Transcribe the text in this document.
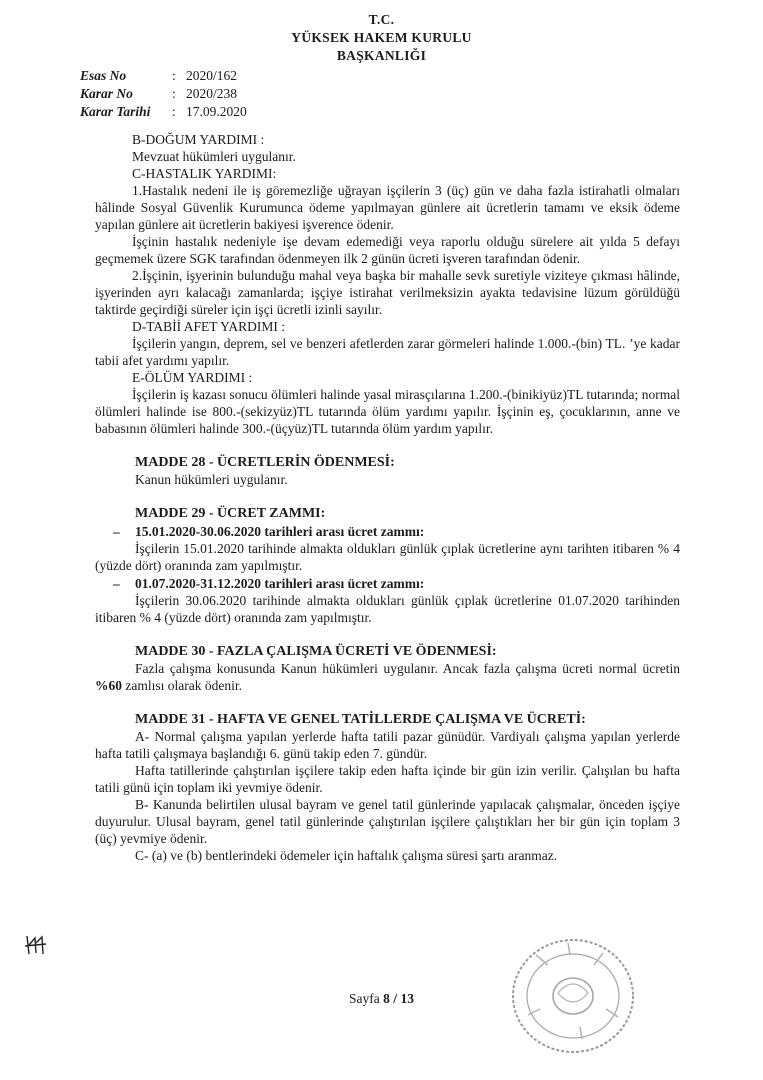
T.C.
YÜKSEK HAKEM KURULU
BAŞKANLIĞI
Esas No	: 2020/162
Karar No	: 2020/238
Karar Tarihi	: 17.09.2020

B-DOĞUM YARDIMI :

Mevzuat hükümleri uygulanır.

C-HASTALIK YARDIMI:

1.Hastalık nedeni ile iş göremezliğe uğrayan işçilerin 3 (üç) gün ve daha fazla istirahatli olmaları hâlinde Sosyal Güvenlik Kurumunca ödeme yapılmayan günlere ait ücretlerin tamamı ve eksik ödeme yapılan günlere ait ücretlerin bakiyesi işverence ödenir.

İşçinin hastalık nedeniyle işe devam edemediği veya raporlu olduğu sürelere ait yılda 5 defayı geçmemek üzere SGK tarafından ödenmeyen ilk 2 günün ücreti işveren tarafından ödenir.

2.İşçinin, işyerinin bulunduğu mahal veya başka bir mahalle sevk suretiyle viziteye çıkması hâlinde, işyerinden ayrı kalacağı zamanlarda; işçiye istirahat verilmeksizin ayakta tedavisine lüzum görüldüğü taktirde geçirdiği süreler için işçi ücretli izinli sayılır.

D-TABİİ AFET YARDIMI :

İşçilerin yangın, deprem, sel ve benzeri afetlerden zarar görmeleri halinde 1.000.-(bin) TL. ’ye kadar tabii afet yardımı yapılır.

E-ÖLÜM YARDIMI :

İşçilerin iş kazası sonucu ölümleri halinde yasal mirasçılarına 1.200.-(binikiyüz)TL tutarında; normal ölümleri halinde ise 800.-(sekizyüz)TL tutarında ölüm yardımı yapılır. İşçinin eş, çocuklarının, anne ve babasının ölümleri halinde 300.-(üçyüz)TL tutarında ölüm yardım yapılır.

MADDE 28 - ÜCRETLERİN ÖDENMESİ:

Kanun hükümleri uygulanır.

MADDE 29 - ÜCRET ZAMMI:

–	15.01.2020-30.06.2020 tarihleri arası ücret zammı:

İşçilerin 15.01.2020 tarihinde almakta oldukları günlük çıplak ücretlerine aynı tarihten itibaren % 4 (yüzde dört) oranında zam yapılmıştır.

–	01.07.2020-31.12.2020 tarihleri arası ücret zammı:

İşçilerin 30.06.2020 tarihinde almakta oldukları günlük çıplak ücretlerine 01.07.2020 tarihinden itibaren % 4 (yüzde dört) oranında zam yapılmıştır.

MADDE 30 - FAZLA ÇALIŞMA ÜCRETİ VE ÖDENMESİ:

Fazla çalışma konusunda Kanun hükümleri uygulanır. Ancak fazla çalışma ücreti normal ücretin %60 zamlısı olarak ödenir.

MADDE 31 - HAFTA VE GENEL TATİLLERDE ÇALIŞMA VE ÜCRETİ:

A- Normal çalışma yapılan yerlerde hafta tatili pazar günüdür. Vardiyalı çalışma yapılan yerlerde hafta tatili çalışmaya başlandığı 6. günü takip eden 7. gündür.

Hafta tatillerinde çalıştırılan işçilere takip eden hafta içinde bir gün izin verilir. Çalışılan bu hafta tatili günü için toplam iki yevmiye ödenir.

B- Kanunda belirtilen ulusal bayram ve genel tatil günlerinde yapılacak çalışmalar, önceden işçiye duyurulur. Ulusal bayram, genel tatil günlerinde çalıştırılan işçilere çalıştıkları her bir gün için toplam 3 (üç) yevmiye ödenir.

C- (a) ve (b) bentlerindeki ödemeler için haftalık çalışma süresi şartı aranmaz.

Sayfa 8 / 13
